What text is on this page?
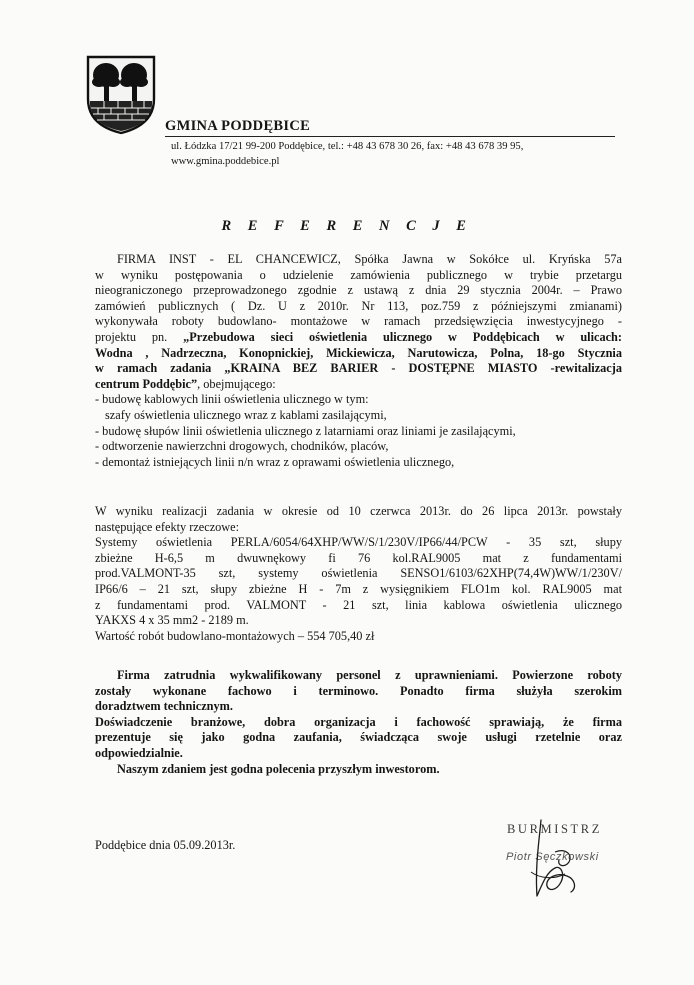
GMINA PODDĘBICE
ul. Łódzka 17/21 99-200 Poddębice, tel.: +48 43 678 30 26, fax: +48 43 678 39 95,
www.gmina.poddebice.pl
R E F E R E N C J E
FIRMA INST - EL CHANCEWICZ, Spółka Jawna w Sokółce ul. Kryńska 57a
w wyniku postępowania o udzielenie zamówienia publicznego w trybie przetargu
nieograniczonego przeprowadzonego zgodnie z ustawą z dnia 29 stycznia 2004r. – Prawo
zamówień publicznych ( Dz. U z 2010r. Nr 113, poz.759 z późniejszymi zmianami)
wykonywała roboty budowlano- montażowe w ramach przedsięwzięcia inwestycyjnego -
projektu pn. „Przebudowa sieci oświetlenia ulicznego w Poddębicach w ulicach:
Wodna , Nadrzeczna, Konopnickiej, Mickiewicza, Narutowicza, Polna, 18-go Stycznia
w ramach zadania „KRAINA BEZ BARIER - DOSTĘPNE MIASTO -rewitalizacja
centrum Poddębic”, obejmującego:
- budowę kablowych linii oświetlenia ulicznego w tym:
szafy oświetlenia ulicznego wraz z kablami zasilającymi,
- budowę słupów linii oświetlenia ulicznego z latarniami oraz liniami je zasilającymi,
- odtworzenie nawierzchni drogowych, chodników, placów,
- demontaż istniejących linii n/n wraz z oprawami oświetlenia ulicznego,
W wyniku realizacji zadania w okresie od 10 czerwca 2013r. do 26 lipca 2013r. powstały
następujące efekty rzeczowe:
Systemy oświetlenia PERLA/6054/64XHP/WW/S/1/230V/IP66/44/PCW - 35 szt, słupy
zbieżne H-6,5 m dwuwnękowy fi 76 kol.RAL9005 mat z fundamentami
prod.VALMONT-35 szt, systemy oświetlenia SENSO1/6103/62XHP(74,4W)WW/1/230V/
IP66/6 – 21 szt, słupy zbieżne H - 7m z wysięgnikiem FLO1m kol. RAL9005 mat
z fundamentami prod. VALMONT - 21 szt, linia kablowa oświetlenia ulicznego
YAKXS 4 x 35 mm2 - 2189 m.
Wartość robót budowlano-montażowych – 554 705,40 zł
Firma zatrudnia wykwalifikowany personel z uprawnieniami. Powierzone roboty
zostały wykonane fachowo i terminowo. Ponadto firma służyła szerokim
doradztwem technicznym.
Doświadczenie branżowe, dobra organizacja i fachowość sprawiają, że firma
prezentuje się jako godna zaufania, świadcząca swoje usługi rzetelnie oraz
odpowiedzialnie.
Naszym zdaniem jest godna polecenia przyszłym inwestorom.
Poddębice dnia 05.09.2013r.
BURMISTRZ
Piotr Sęczkowski
